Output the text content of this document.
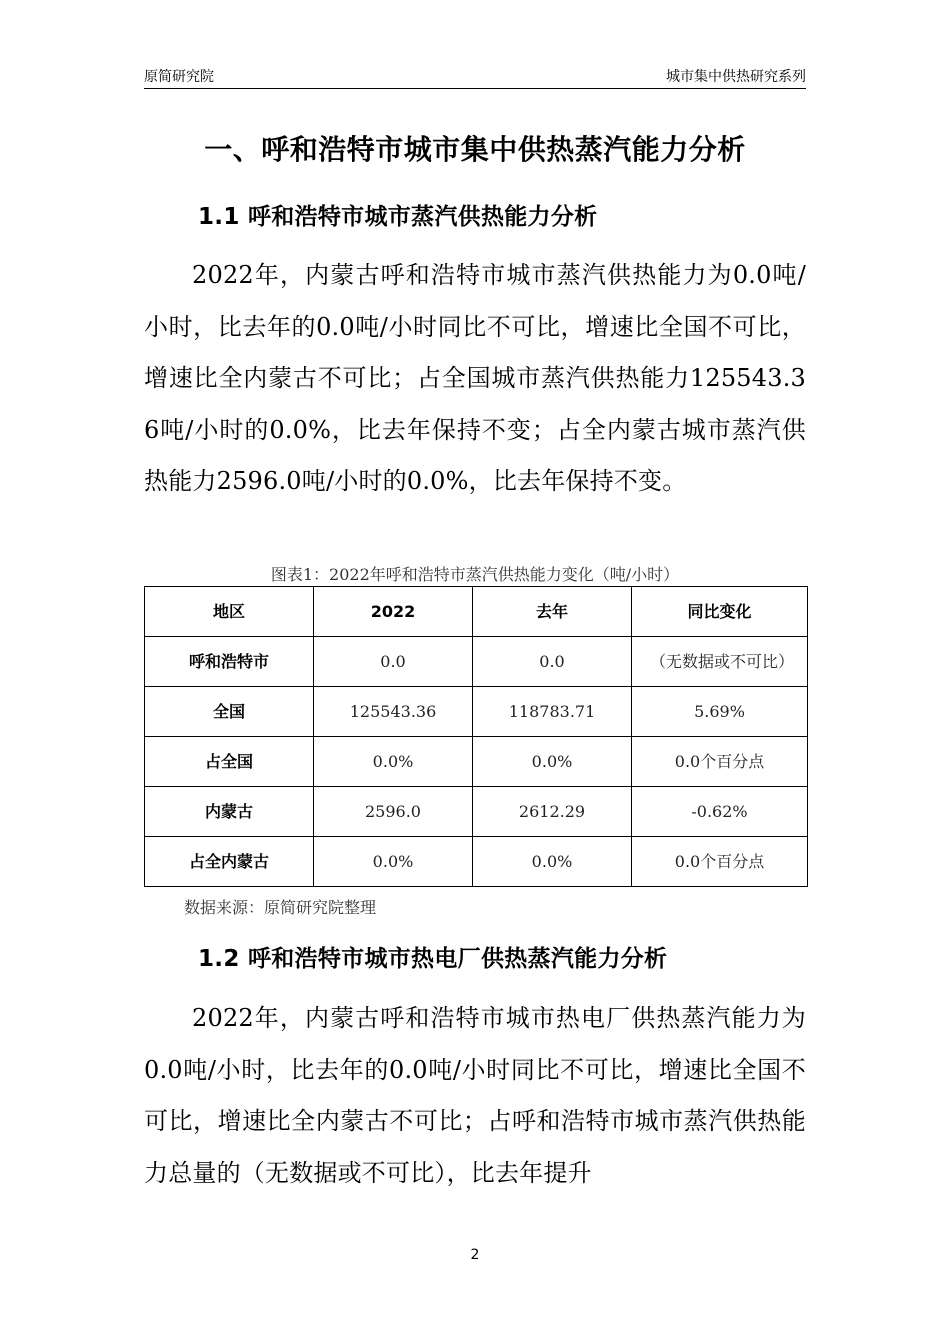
原简研究院	城市集中供热研究系列
一、呼和浩特市城市集中供热蒸汽能力分析
1.1 呼和浩特市城市蒸汽供热能力分析
2022年，内蒙古呼和浩特市城市蒸汽供热能力为0.0吨/小时，比去年的0.0吨/小时同比不可比，增速比全国不可比，增速比全内蒙古不可比；占全国城市蒸汽供热能力125543.36吨/小时的0.0%，比去年保持不变；占全内蒙古城市蒸汽供热能力2596.0吨/小时的0.0%，比去年保持不变。
图表1：2022年呼和浩特市蒸汽供热能力变化（吨/小时）
地区	2022	去年	同比变化
呼和浩特市	0.0	0.0	（无数据或不可比）
全国	125543.36	118783.71	5.69%
占全国	0.0%	0.0%	0.0个百分点
内蒙古	2596.0	2612.29	-0.62%
占全内蒙古	0.0%	0.0%	0.0个百分点
数据来源：原简研究院整理
1.2 呼和浩特市城市热电厂供热蒸汽能力分析
2022年，内蒙古呼和浩特市城市热电厂供热蒸汽能力为0.0吨/小时，比去年的0.0吨/小时同比不可比，增速比全国不可比，增速比全内蒙古不可比；占呼和浩特市城市蒸汽供热能力总量的（无数据或不可比），比去年提升
2
